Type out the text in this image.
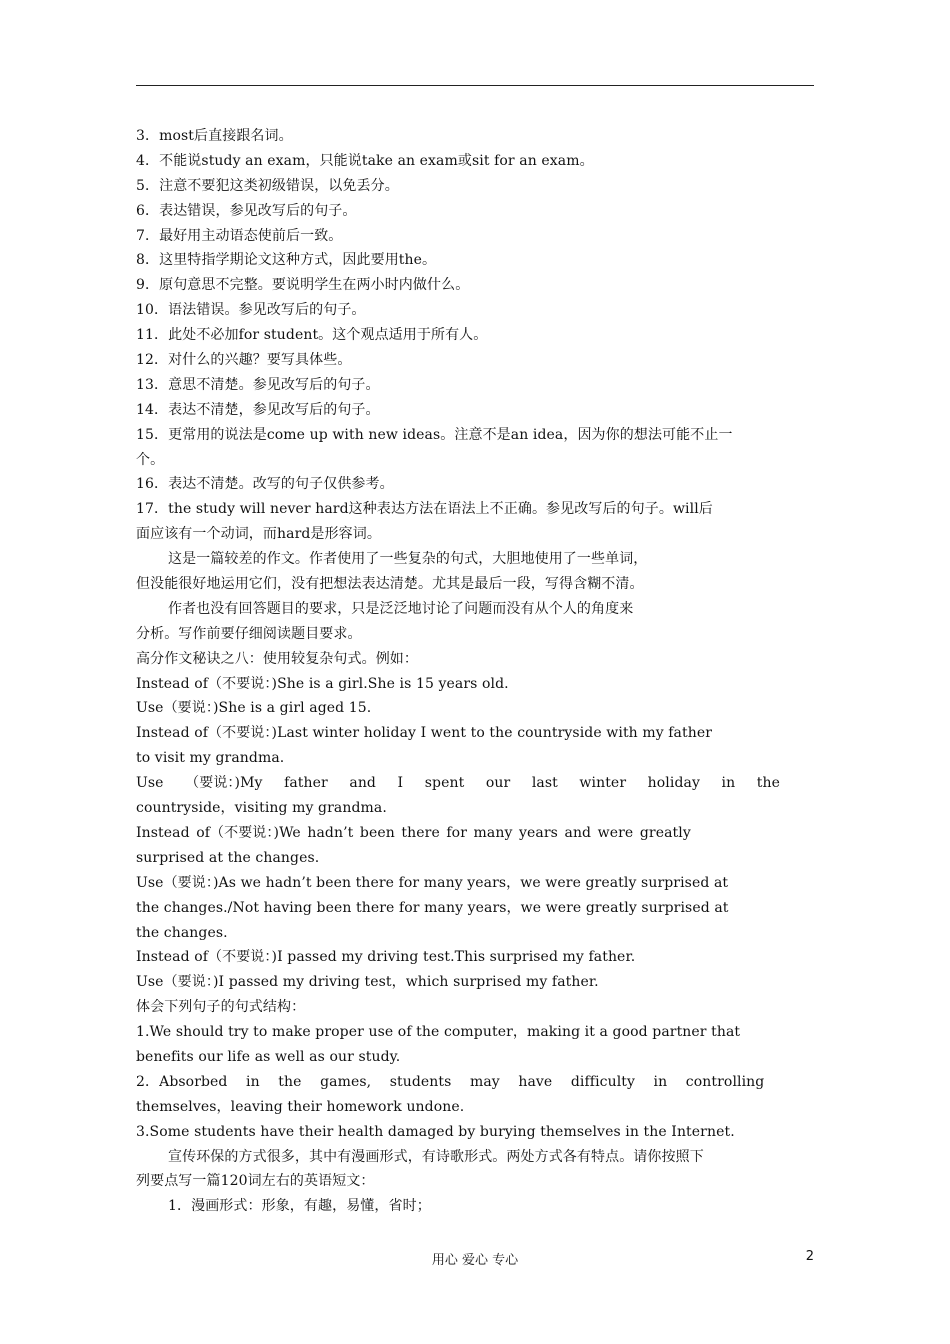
3．most后直接跟名词。
4．不能说study an exam，只能说take an exam或sit for an exam。
5．注意不要犯这类初级错误，以免丢分。
6．表达错误，参见改写后的句子。
7．最好用主动语态使前后一致。
8．这里特指学期论文这种方式，因此要用the。
9．原句意思不完整。要说明学生在两小时内做什么。
10．语法错误。参见改写后的句子。
11．此处不必加for student。这个观点适用于所有人。
12．对什么的兴趣？要写具体些。
13．意思不清楚。参见改写后的句子。
14．表达不清楚，参见改写后的句子。
15．更常用的说法是come up with new ideas。注意不是an idea，因为你的想法可能不止一
个。
16．表达不清楚。改写的句子仅供参考。
17．the study will never hard这种表达方法在语法上不正确。参见改写后的句子。will后
面应该有一个动词，而hard是形容词。
这是一篇较差的作文。作者使用了一些复杂的句式，大胆地使用了一些单词，
但没能很好地运用它们，没有把想法表达清楚。尤其是最后一段，写得含糊不清。
作者也没有回答题目的要求，只是泛泛地讨论了问题而没有从个人的角度来
分析。写作前要仔细阅读题目要求。
高分作文秘诀之八：使用较复杂句式。例如：
Instead of（不要说：)She is a girl.She is 15 years old.
Use（要说：)She is a girl aged 15.
Instead of（不要说：)Last winter holiday I went to the countryside with my father
to visit my grandma.
Use （要说：)My father and I spent our last winter holiday in the
countryside，visiting my grandma.
Instead of（不要说：)We hadn’t been there for many years and were greatly
surprised at the changes.
Use（要说：)As we hadn’t been there for many years，we were greatly surprised at
the changes./Not having been there for many years，we were greatly surprised at
the changes.
Instead of（不要说：)I passed my driving test.This surprised my father.
Use（要说：)I passed my driving test，which surprised my father.
体会下列句子的句式结构：
1.We should try to make proper use of the computer，making it a good partner that
benefits our life as well as our study.
2．Absorbed in the games, students may have difficulty in controlling
themselves，leaving their homework undone.
3.Some students have their health damaged by burying themselves in the Internet.
宣传环保的方式很多，其中有漫画形式，有诗歌形式。两处方式各有特点。请你按照下
列要点写一篇120词左右的英语短文：
1．漫画形式：形象，有趣，易懂，省时；
用心 爱心 专心	2
